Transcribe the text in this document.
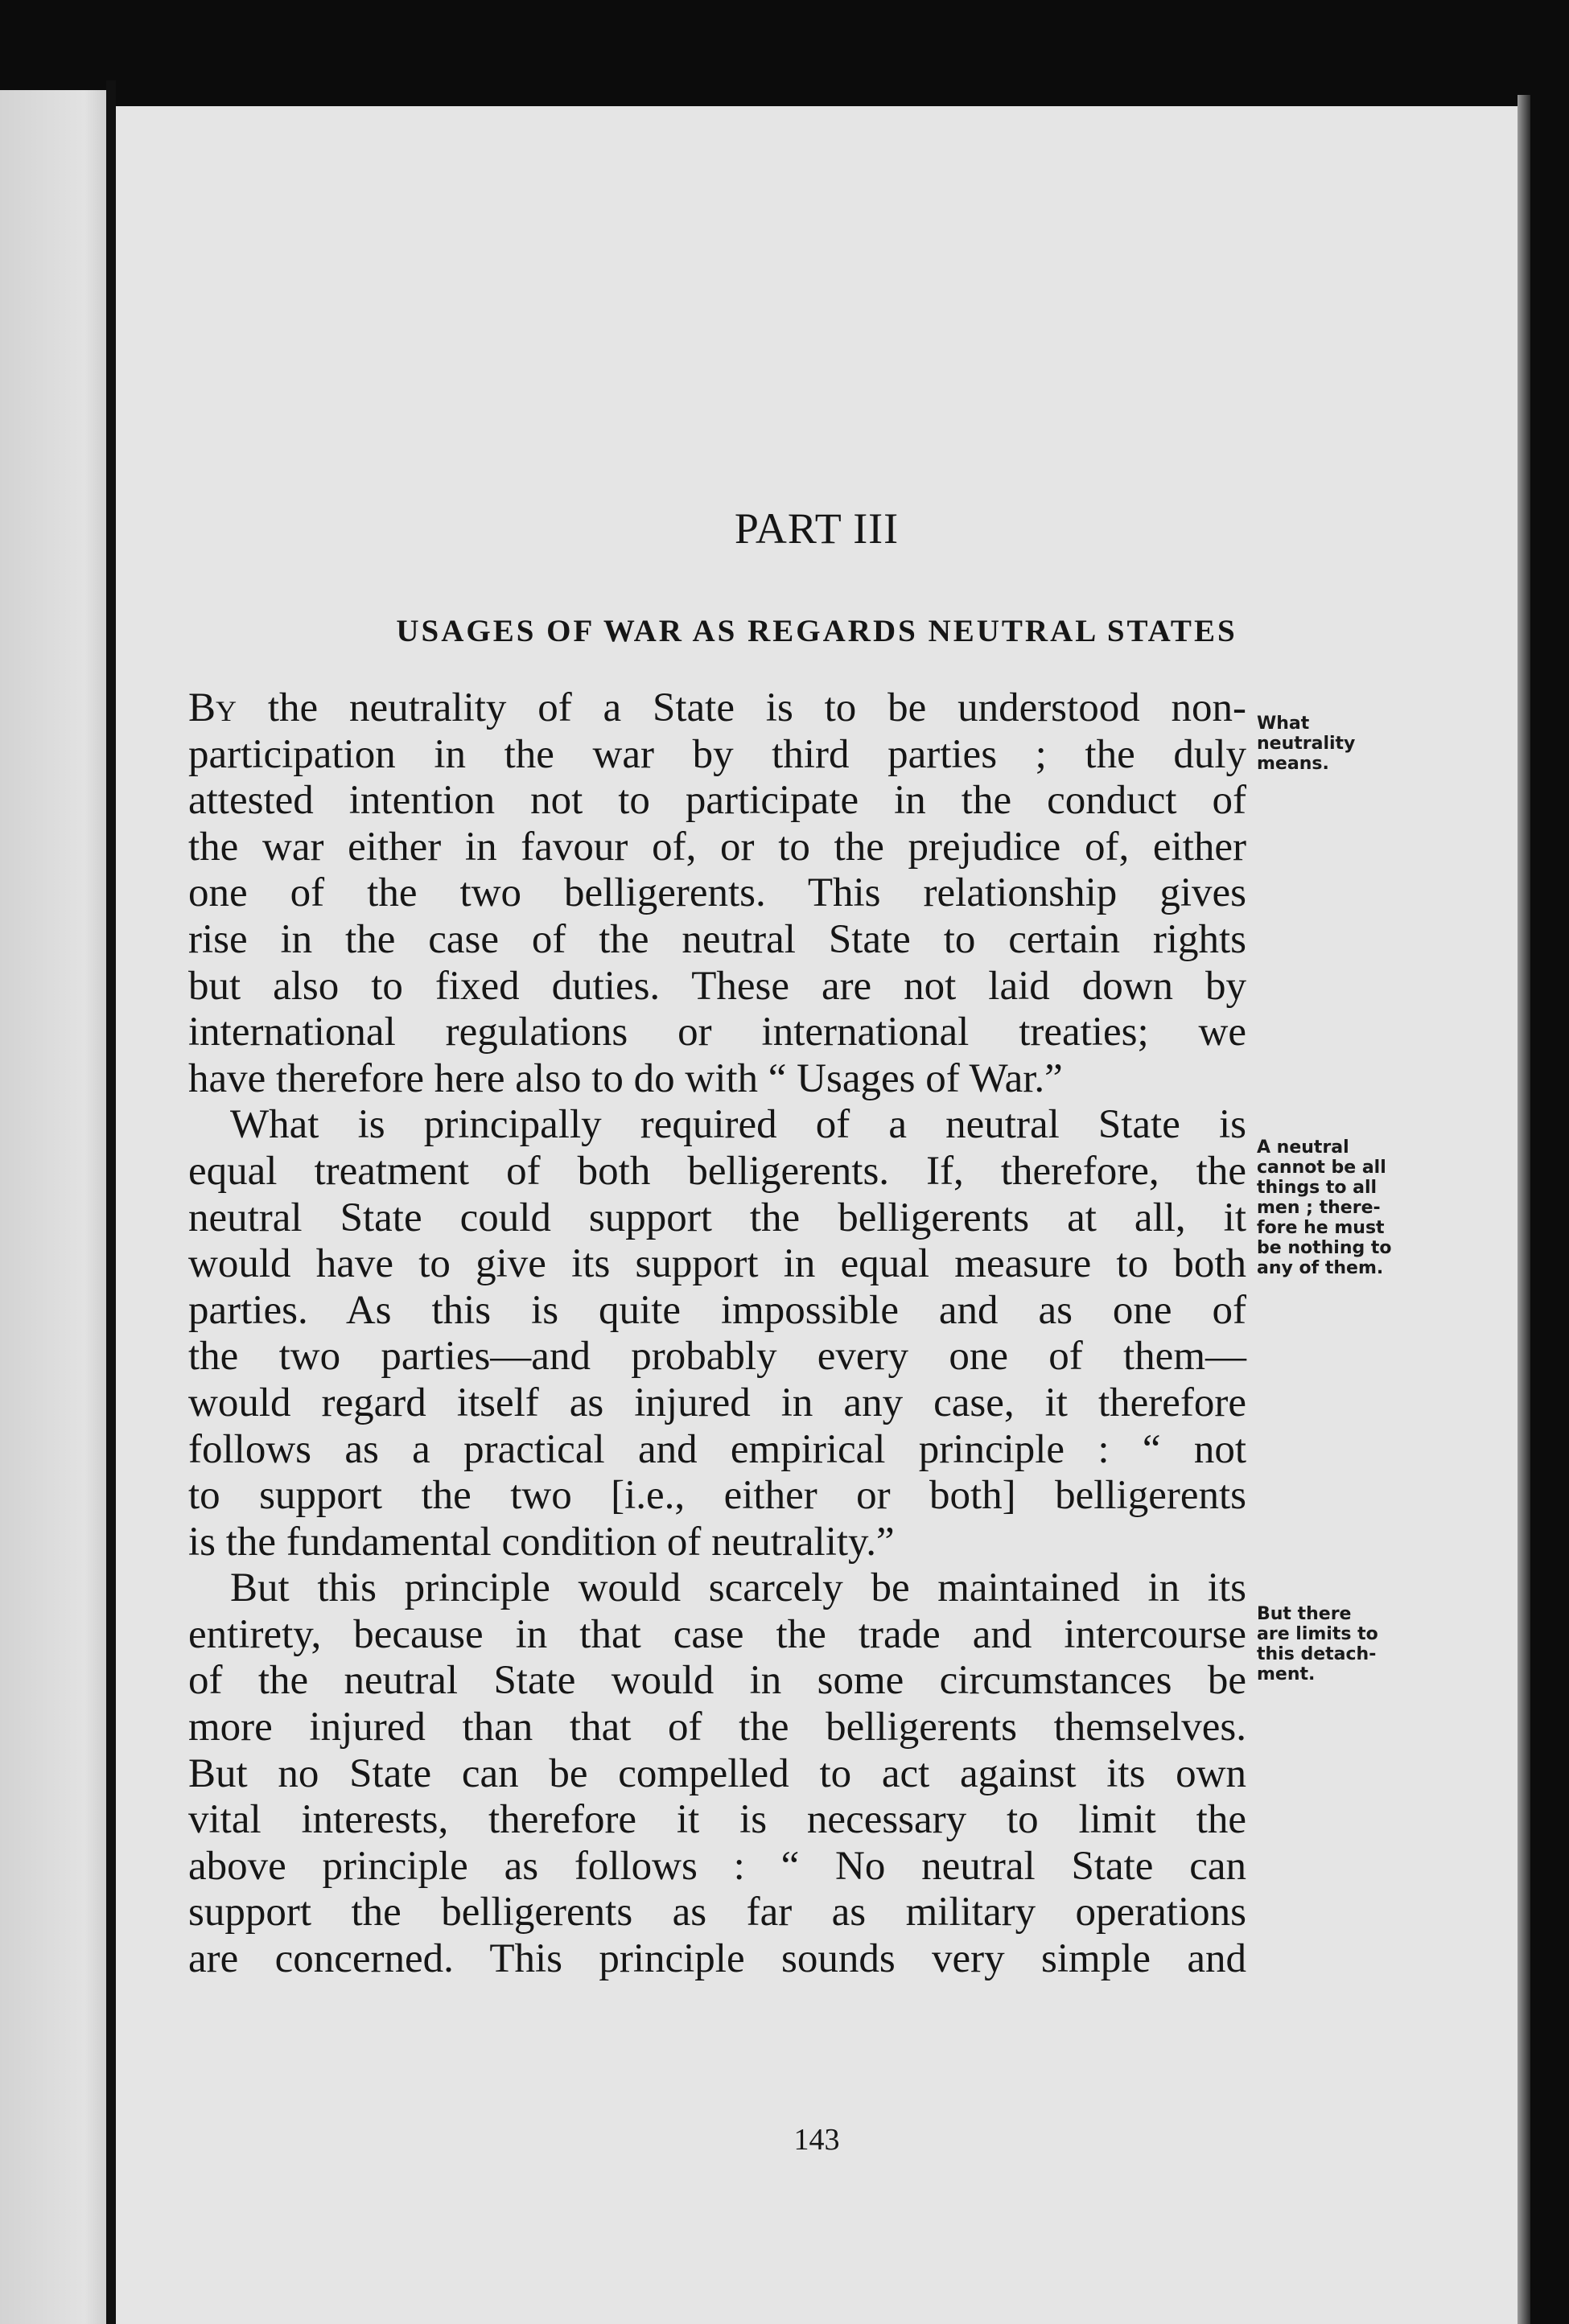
PART III
USAGES OF WAR AS REGARDS NEUTRAL STATES
By the neutrality of a State is to be understood non-
participation in the war by third parties ; the duly
attested intention not to participate in the conduct of
the war either in favour of, or to the prejudice of, either
one of the two belligerents. This relationship gives
rise in the case of the neutral State to certain rights
but also to fixed duties. These are not laid down by
international regulations or international treaties; we
have therefore here also to do with “ Usages of War.”
What is principally required of a neutral State is
equal treatment of both belligerents. If, therefore, the
neutral State could support the belligerents at all, it
would have to give its support in equal measure to both
parties. As this is quite impossible and as one of
the two parties—and probably every one of them—
would regard itself as injured in any case, it therefore
follows as a practical and empirical principle : “ not
to support the two [i.e., either or both] belligerents
is the fundamental condition of neutrality.”
But this principle would scarcely be maintained in its
entirety, because in that case the trade and intercourse
of the neutral State would in some circumstances be
more injured than that of the belligerents themselves.
But no State can be compelled to act against its own
vital interests, therefore it is necessary to limit the
above principle as follows : “ No neutral State can
support the belligerents as far as military operations
are concerned. This principle sounds very simple and
What
neutrality
means.
A neutral
cannot be all
things to all
men ; there-
fore he must
be nothing to
any of them.
But there
are limits to
this detach-
ment.
143
